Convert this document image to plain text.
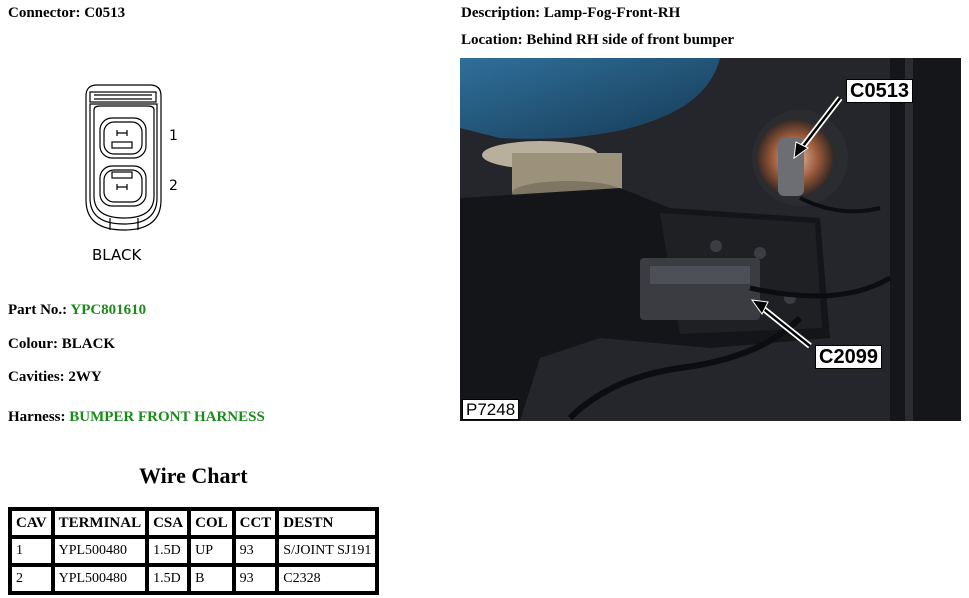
Connector: C0513
1
2
BLACK
Part No.: YPC801610
Colour: BLACK
Cavities: 2WY
Harness: BUMPER FRONT HARNESS
Description: Lamp-Fog-Front-RH
Location: Behind RH side of front bumper
C0513
C2099
P7248
Wire Chart
CAV	TERMINAL	CSA	COL	CCT	DESTN
1	YPL500480	1.5D	UP	93	S/JOINT SJ191
2	YPL500480	1.5D	B	93	C2328
